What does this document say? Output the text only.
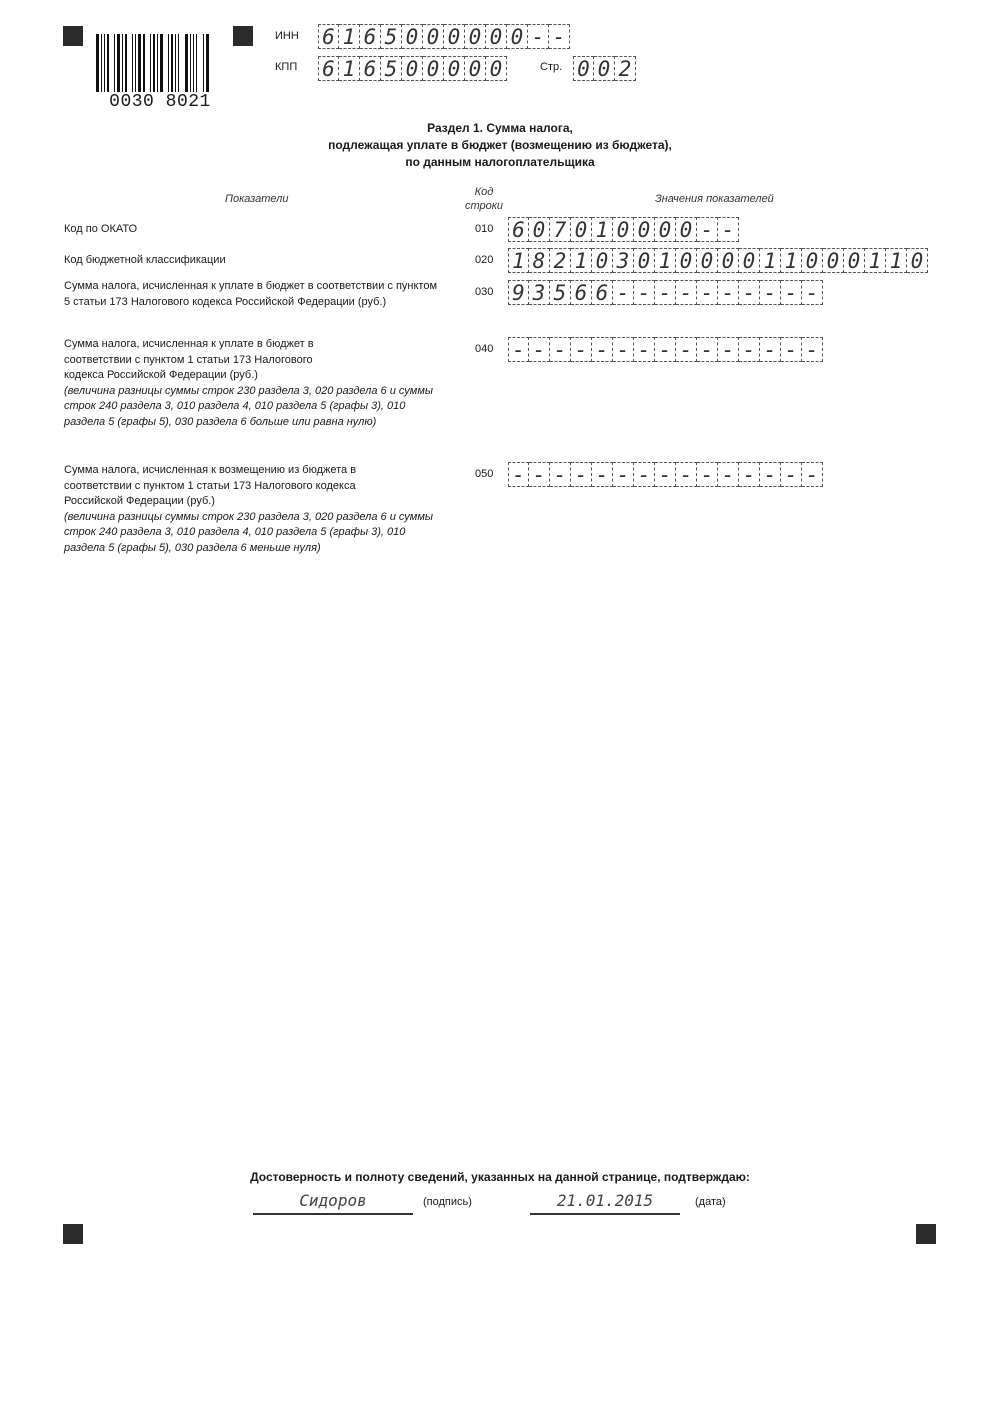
0030 8021
ИНН 6 1 6 5 0 0 0 0 0 0 - -
КПП 6 1 6 5 0 0 0 0 0	Стр. 0 0 2
Раздел 1. Сумма налога,
подлежащая уплате в бюджет (возмещению из бюджета),
по данным налогоплательщика
Показатели
Код
строки
Значения показателей
Код по ОКАТО	010 6 0 7 0 1 0 0 0 0 - -
Код бюджетной классификации	020 1 8 2 1 0 3 0 1 0 0 0 0 1 1 0 0 0 1 1 0
Сумма налога, исчисленная к уплате в бюджет в соответствии с пунктом 5 статьи 173 Налогового кодекса Российской Федерации (руб.)
030 9 3 5 6 6 - - - - - - - - - -
Сумма налога, исчисленная к уплате в бюджет в соответствии с пунктом 1 статьи 173 Налогового кодекса Российской Федерации (руб.)
(величина разницы суммы строк 230 раздела 3, 020 раздела 6 и суммы строк 240 раздела 3, 010 раздела 4, 010 раздела 5 (графы 3), 010 раздела 5 (графы 5), 030 раздела 6 больше или равна нулю)
040 - - - - - - - - - - - - - - -
Сумма налога, исчисленная к возмещению из бюджета в соответствии с пунктом 1 статьи 173 Налогового кодекса Российской Федерации (руб.)
(величина разницы суммы строк 230 раздела 3, 020 раздела 6 и суммы строк 240 раздела 3, 010 раздела 4, 010 раздела 5 (графы 3), 010 раздела 5 (графы 5), 030 раздела 6 меньше нуля)
050 - - - - - - - - - - - - - - -
Достоверность и полноту сведений, указанных на данной странице, подтверждаю:
Сидоров	(подпись)	21.01.2015	(дата)
